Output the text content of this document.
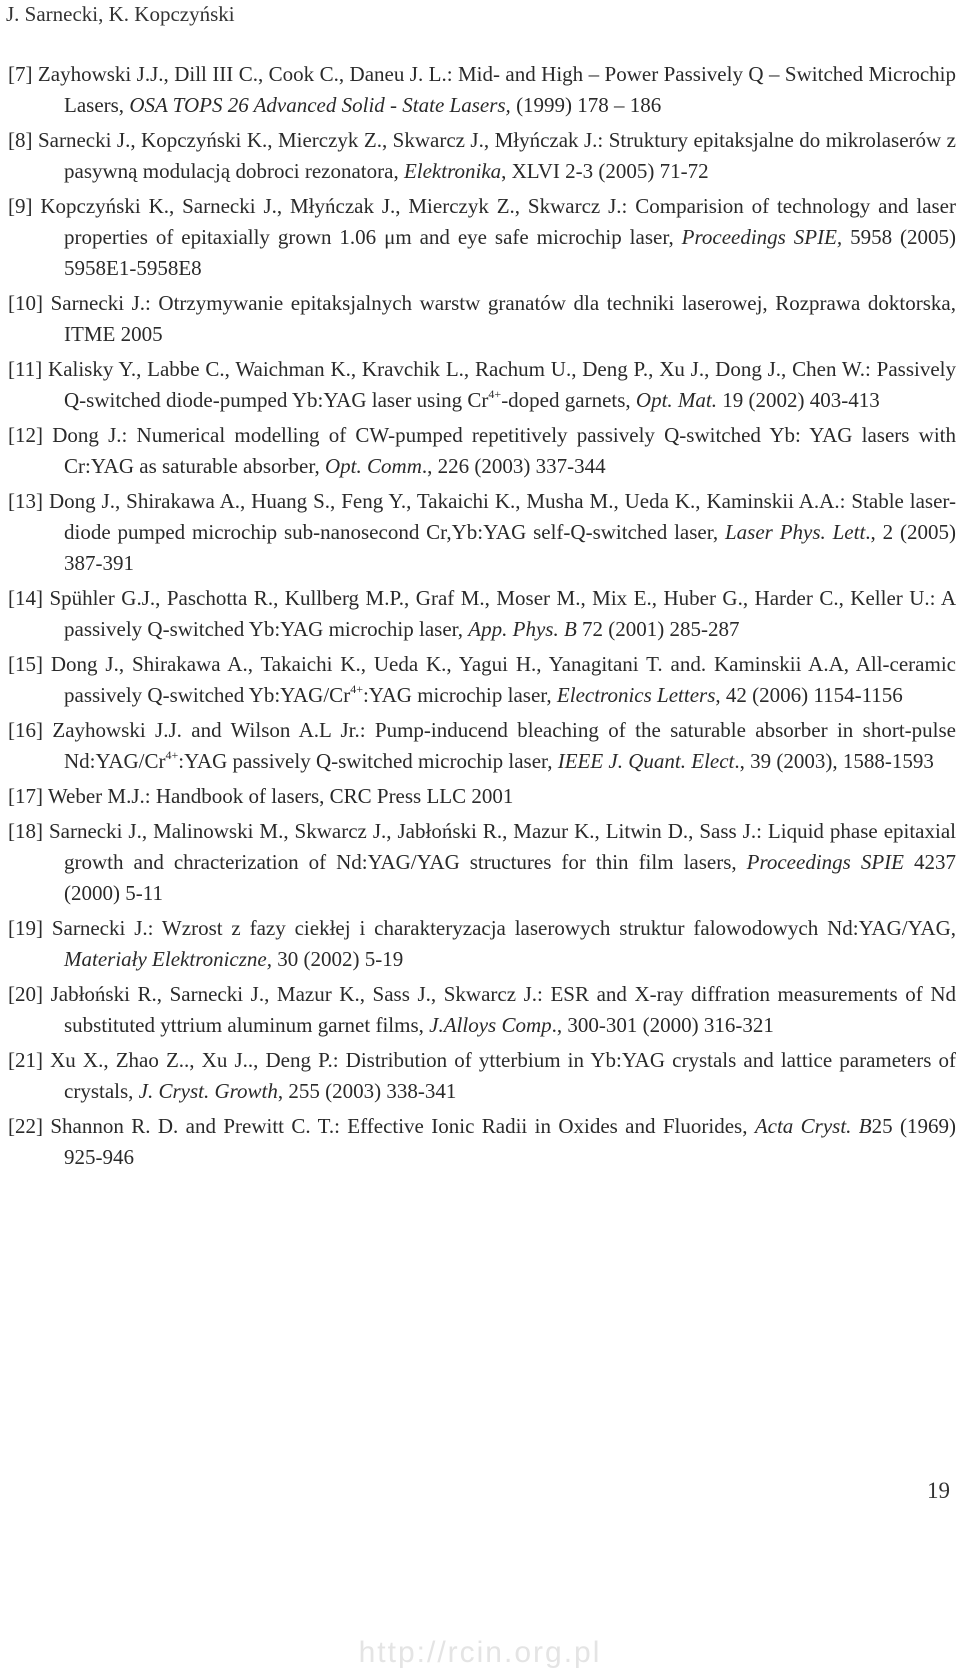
J. Sarnecki, K. Kopczyński

[7] Zayhowski J.J., Dill III C., Cook C., Daneu J. L.: Mid- and High – Power Passively Q – Switched Microchip Lasers, OSA TOPS 26 Advanced Solid - State Lasers, (1999) 178 – 186

[8] Sarnecki J., Kopczyński K., Mierczyk Z., Skwarcz J., Młyńczak J.: Struktury epitaksjalne do mikrolaserów z pasywną modulacją dobroci rezonatora, Elektronika, XLVI 2-3 (2005) 71-72

[9] Kopczyński K., Sarnecki J., Młyńczak J., Mierczyk Z., Skwarcz J.: Comparision of technology and laser properties of epitaxially grown 1.06 μm and eye safe microchip laser, Proceedings SPIE, 5958 (2005) 5958E1-5958E8

[10] Sarnecki J.: Otrzymywanie epitaksjalnych warstw granatów dla techniki laserowej, Rozprawa doktorska, ITME 2005

[11] Kalisky Y., Labbe C., Waichman K., Kravchik L., Rachum U., Deng P., Xu J., Dong J., Chen W.: Passively Q-switched diode-pumped Yb:YAG laser using $Cr^{4+}$-doped garnets, Opt. Mat. 19 (2002) 403-413

[12] Dong J.: Numerical modelling of CW-pumped repetitively passively Q-switched Yb: YAG lasers with Cr:YAG as saturable absorber, Opt. Comm., 226 (2003) 337-344

[13] Dong J., Shirakawa A., Huang S., Feng Y., Takaichi K., Musha M., Ueda K., Kaminskii A.A.: Stable laser-diode pumped microchip sub-nanosecond Cr,Yb:YAG self-Q-switched laser, Laser Phys. Lett., 2 (2005) 387-391

[14] Spühler G.J., Paschotta R., Kullberg M.P., Graf M., Moser M., Mix E., Huber G., Harder C., Keller U.: A passively Q-switched Yb:YAG microchip laser, App. Phys. B 72 (2001) 285-287

[15] Dong J., Shirakawa A., Takaichi K., Ueda K., Yagui H., Yanagitani T. and. Kaminskii A.A, All-ceramic passively Q-switched $Yb:YAG/Cr^{4+}:YAG$ microchip laser, Electronics Letters, 42 (2006) 1154-1156

[16] Zayhowski J.J. and Wilson A.L Jr.: Pump-inducend bleaching of the saturable absorber in short-pulse $Nd:YAG/Cr^{4+}:YAG$ passively Q-switched microchip laser, IEEE J. Quant. Elect., 39 (2003), 1588-1593

[17] Weber M.J.: Handbook of lasers, CRC Press LLC 2001

[18] Sarnecki J., Malinowski M., Skwarcz J., Jabłoński R., Mazur K., Litwin D., Sass J.: Liquid phase epitaxial growth and chracterization of Nd:YAG/YAG structures for thin film lasers, Proceedings SPIE 4237 (2000) 5-11

[19] Sarnecki J.: Wzrost z fazy ciekłej i charakteryzacja laserowych struktur falowodowych Nd:YAG/YAG, Materiały Elektroniczne, 30 (2002) 5-19

[20] Jabłoński R., Sarnecki J., Mazur K., Sass J., Skwarcz J.: ESR and X-ray diffration measurements of Nd substituted yttrium aluminum garnet films, J.Alloys Comp., 300-301 (2000) 316-321

[21] Xu X., Zhao Z.., Xu J.., Deng P.: Distribution of ytterbium in Yb:YAG crystals and lattice parameters of crystals, J. Cryst. Growth, 255 (2003) 338-341

[22] Shannon R. D. and Prewitt C. T.: Effective Ionic Radii in Oxides and Fluorides, Acta Cryst. B25 (1969) 925-946

19
http://rcin.org.pl
